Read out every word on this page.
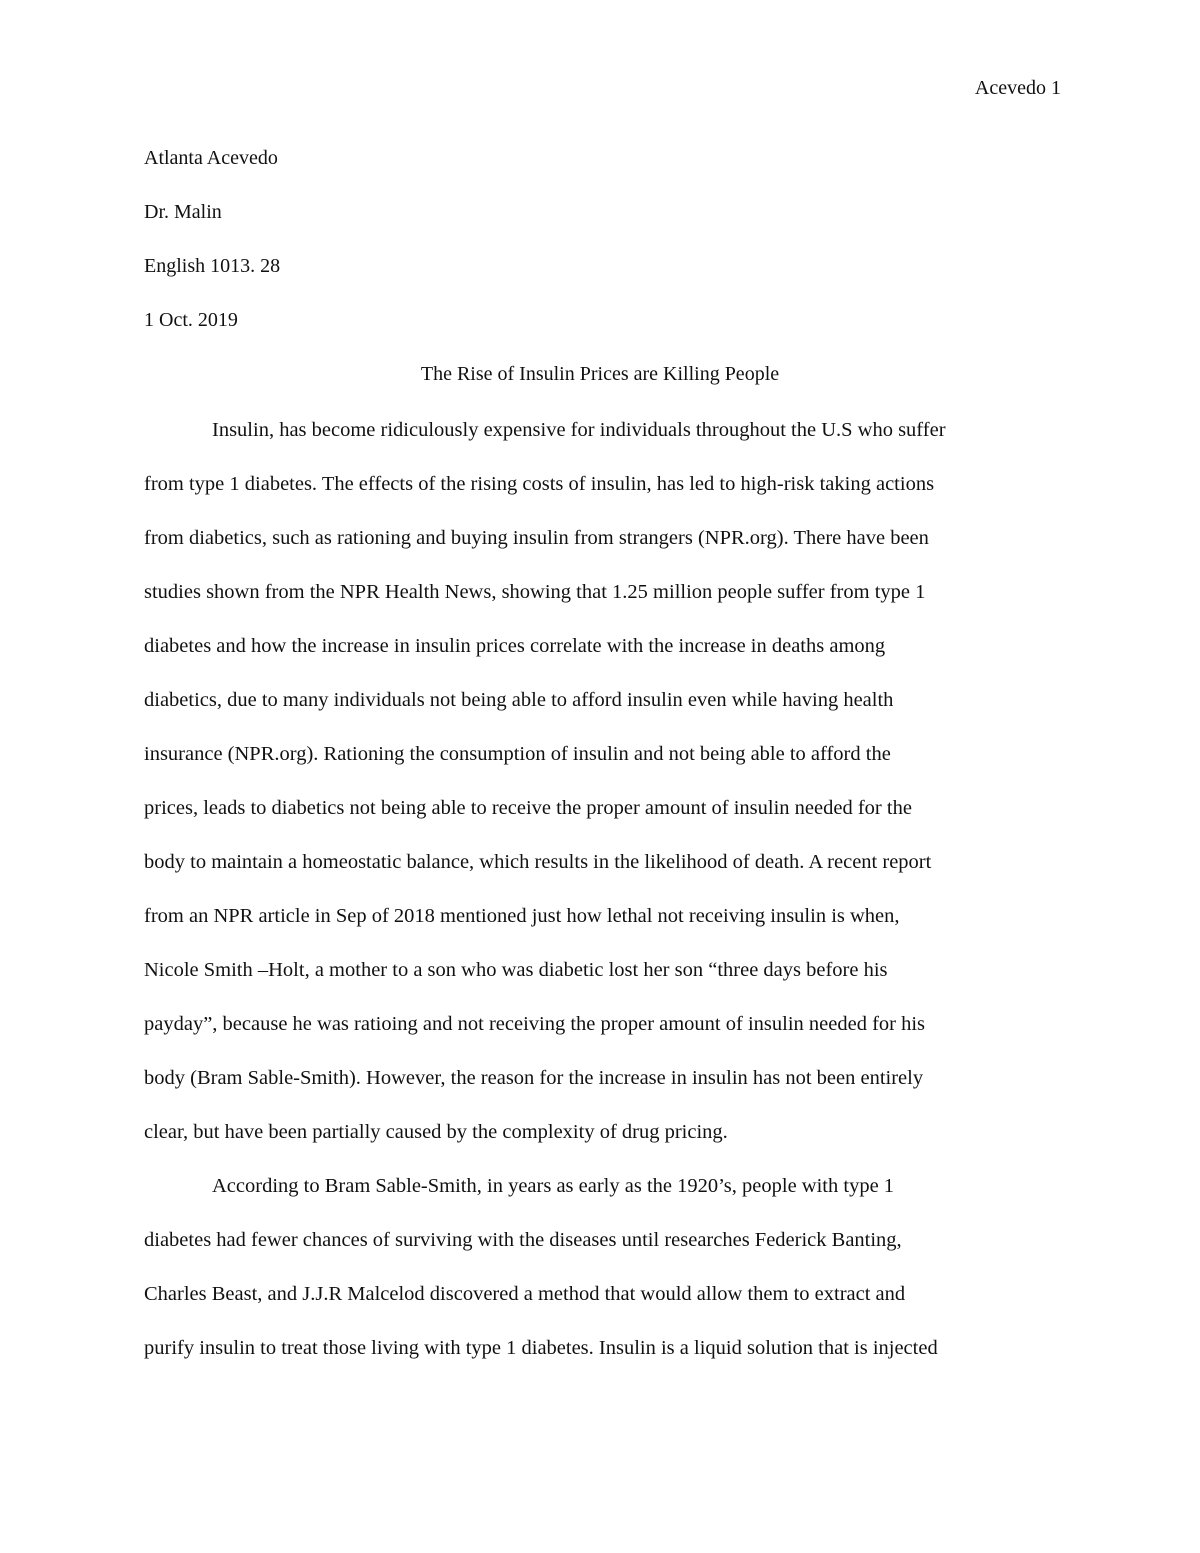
Acevedo 1
Atlanta Acevedo
Dr. Malin
English 1013. 28
1 Oct. 2019
The Rise of Insulin Prices are Killing People
Insulin, has become ridiculously expensive for individuals throughout the U.S who suffer
from type 1 diabetes. The effects of the rising costs of insulin, has led to high-risk taking actions
from diabetics, such as rationing and buying insulin from strangers (NPR.org). There have been
studies shown from the NPR Health News, showing that 1.25 million people suffer from type 1
diabetes and how the increase in insulin prices correlate with the increase in deaths among
diabetics, due to many individuals not being able to afford insulin even while having health
insurance (NPR.org). Rationing the consumption of insulin and not being able to afford the
prices, leads to diabetics not being able to receive the proper amount of insulin needed for the
body to maintain a homeostatic balance, which results in the likelihood of death. A recent report
from an NPR article in Sep of 2018 mentioned just how lethal not receiving insulin is when,
Nicole Smith –Holt, a mother to a son who was diabetic lost her son “three days before his
payday”, because he was ratioing and not receiving the proper amount of insulin needed for his
body (Bram Sable-Smith). However, the reason for the increase in insulin has not been entirely
clear, but have been partially caused by the complexity of drug pricing.
According to Bram Sable-Smith, in years as early as the 1920’s, people with type 1
diabetes had fewer chances of surviving with the diseases until researches Federick Banting,
Charles Beast, and J.J.R Malcelod discovered a method that would allow them to extract and
purify insulin to treat those living with type 1 diabetes. Insulin is a liquid solution that is injected
